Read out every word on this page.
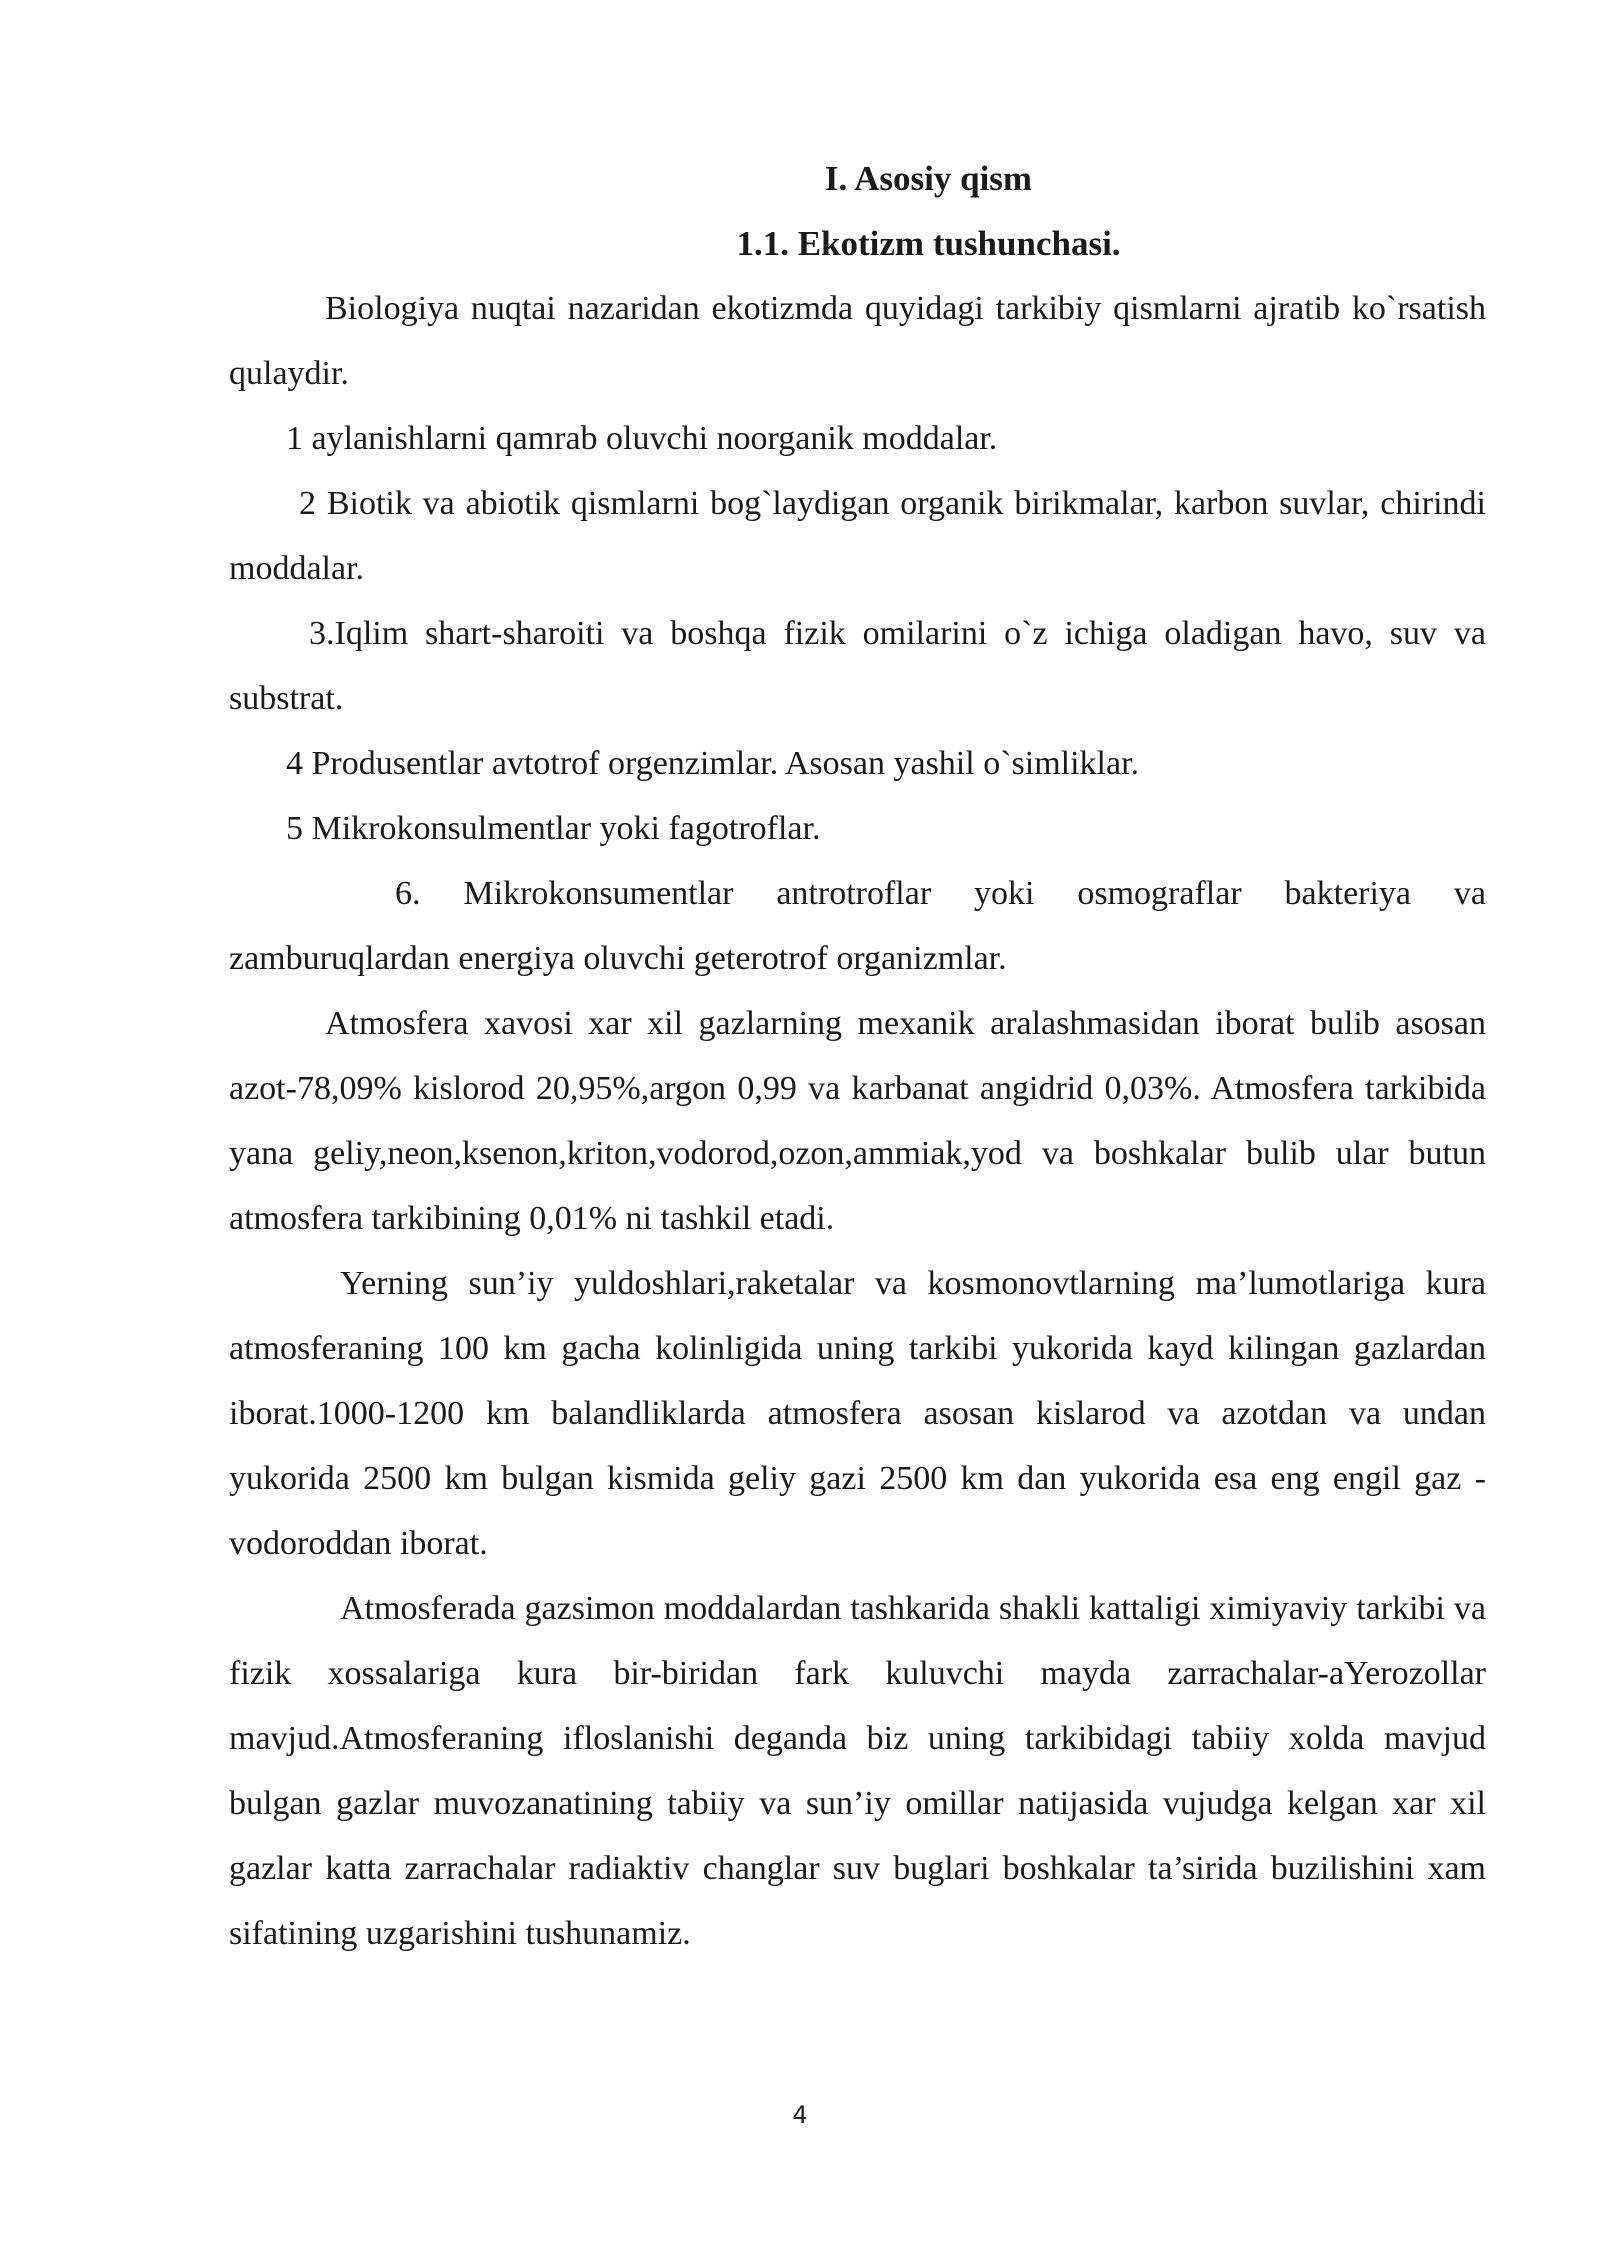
I. Asosiy qism
1.1. Ekotizm tushunchasi.

Biologiya nuqtai nazaridan ekotizmda quyidagi tarkibiy qismlarni ajratib ko`rsatish qulaydir.

1 aylanishlarni qamrab oluvchi noorganik moddalar.

2 Biotik va abiotik qismlarni bog`laydigan organik birikmalar, karbon suvlar, chirindi moddalar.

3.Iqlim shart-sharoiti va boshqa fizik omilarini o`z ichiga oladigan havo, suv va substrat.

4 Produsentlar avtotrof orgenzimlar. Asosan yashil o`simliklar.

5 Mikrokonsulmentlar yoki fagotroflar.

6. Mikrokonsumentlar antrotroflar yoki osmograflar bakteriya va zamburuqlardan energiya oluvchi geterotrof organizmlar.

Atmosfera xavosi xar xil gazlarning mexanik aralashmasidan iborat bulib asosan azot-78,09% kislorod 20,95%,argon 0,99 va karbanat angidrid 0,03%. Atmosfera tarkibida yana geliy,neon,ksenon,kriton,vodorod,ozon,ammiak,yod va boshkalar bulib ular butun atmosfera tarkibining 0,01% ni tashkil etadi.

Yerning sun’iy yuldoshlari,raketalar va kosmonovtlarning ma’lumotlariga kura atmosferaning 100 km gacha kolinligida uning tarkibi yukorida kayd kilingan gazlardan iborat.1000-1200 km balandliklarda atmosfera asosan kislarod va azotdan va undan yukorida 2500 km bulgan kismida geliy gazi 2500 km dan yukorida esa eng engil gaz -vodoroddan iborat.

Atmosferada gazsimon moddalardan tashkarida shakli kattaligi ximiyaviy tarkibi va fizik xossalariga kura bir-biridan fark kuluvchi mayda zarrachalar-aYerozollar mavjud.Atmosferaning ifloslanishi deganda biz uning tarkibidagi tabiiy xolda mavjud bulgan gazlar muvozanatining tabiiy va sun’iy omillar natijasida vujudga kelgan xar xil gazlar katta zarrachalar radiaktiv changlar suv buglari boshkalar ta’sirida buzilishini xam sifatining uzgarishini tushunamiz.

4
